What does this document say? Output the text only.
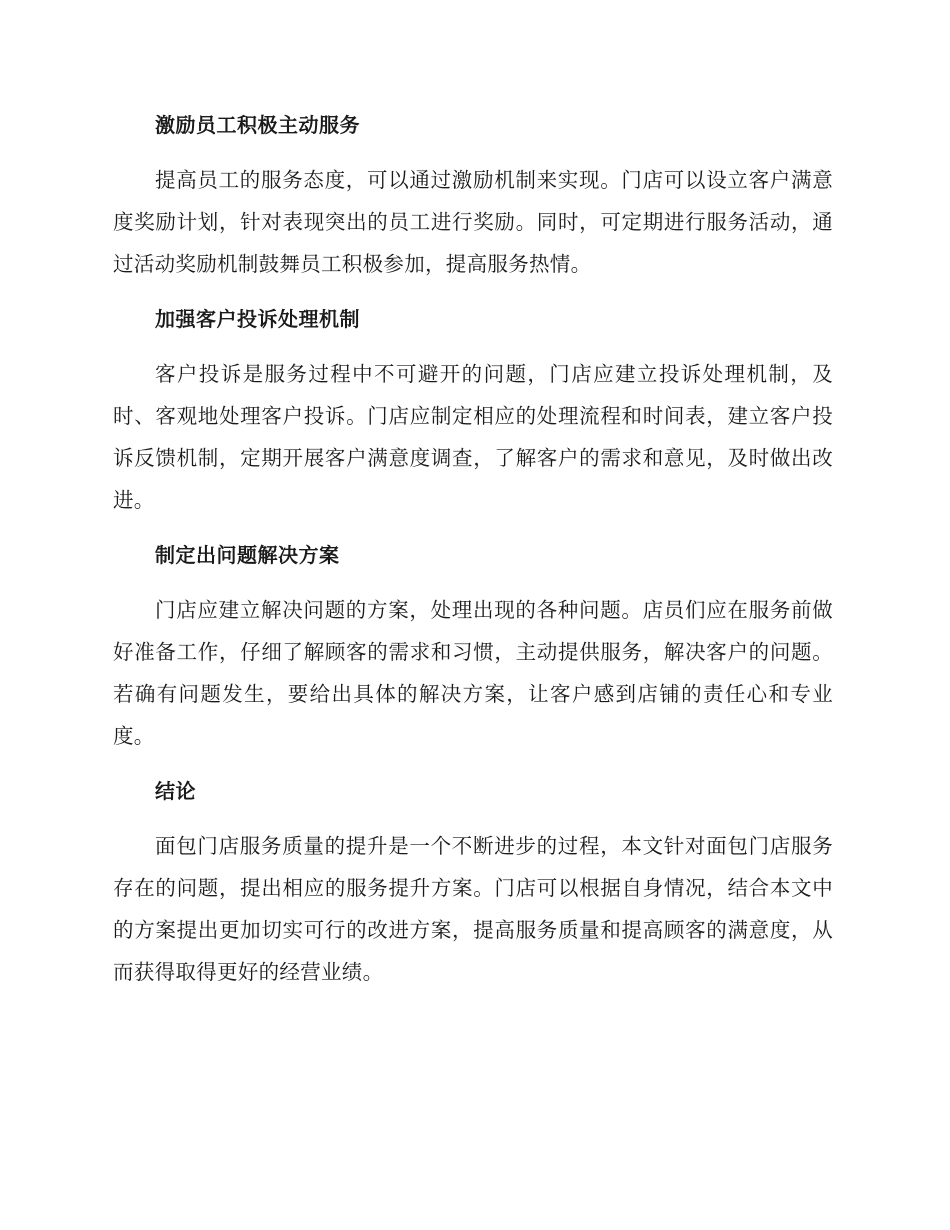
激励员工积极主动服务
提高员工的服务态度，可以通过激励机制来实现。门店可以设立客户满意度奖励计划，针对表现突出的员工进行奖励。同时，可定期进行服务活动，通过活动奖励机制鼓舞员工积极参加，提高服务热情。
加强客户投诉处理机制
客户投诉是服务过程中不可避开的问题，门店应建立投诉处理机制，及时、客观地处理客户投诉。门店应制定相应的处理流程和时间表，建立客户投诉反馈机制，定期开展客户满意度调查，了解客户的需求和意见，及时做出改进。
制定出问题解决方案
门店应建立解决问题的方案，处理出现的各种问题。店员们应在服务前做好准备工作，仔细了解顾客的需求和习惯，主动提供服务，解决客户的问题。若确有问题发生，要给出具体的解决方案，让客户感到店铺的责任心和专业度。
结论
面包门店服务质量的提升是一个不断进步的过程，本文针对面包门店服务存在的问题，提出相应的服务提升方案。门店可以根据自身情况，结合本文中的方案提出更加切实可行的改进方案，提高服务质量和提高顾客的满意度，从而获得取得更好的经营业绩。
